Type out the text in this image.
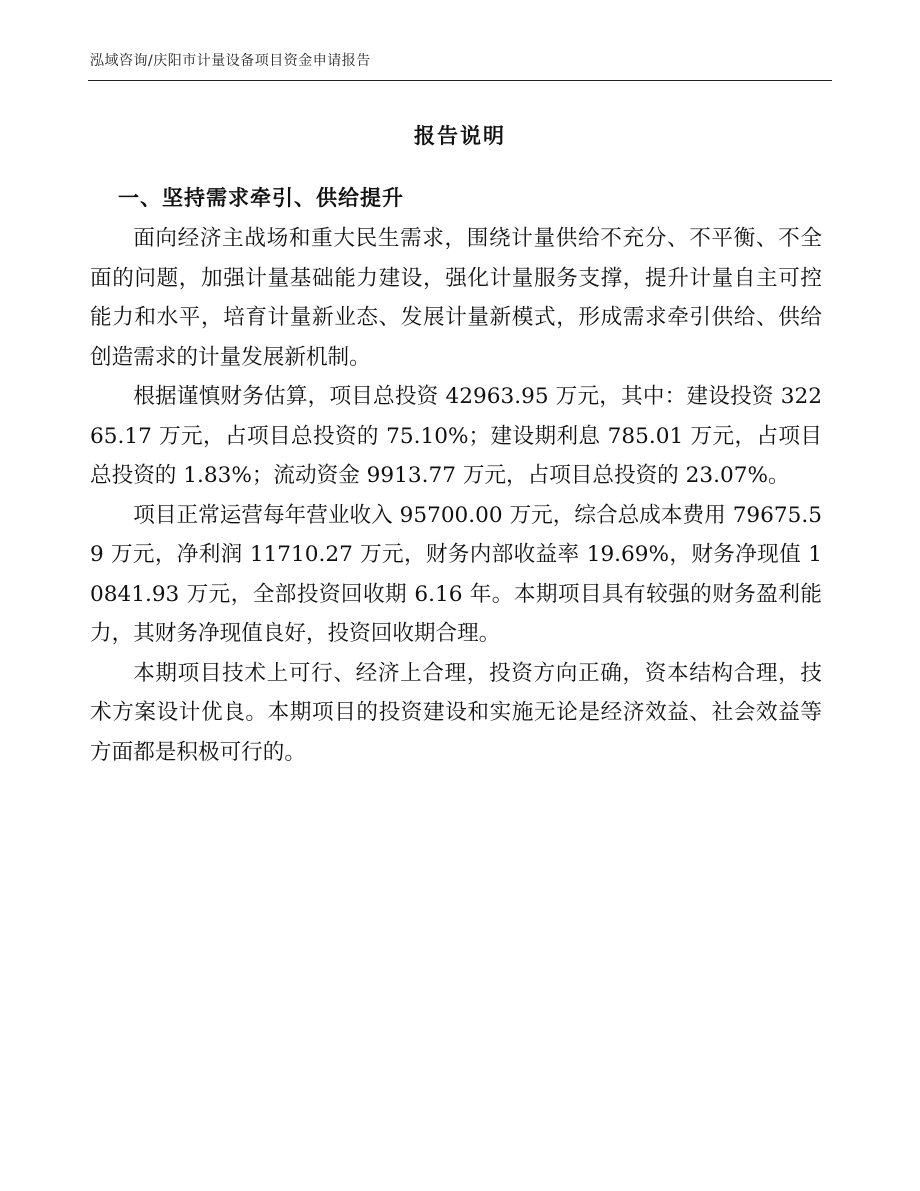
泓域咨询/庆阳市计量设备项目资金申请报告
报告说明
一、坚持需求牵引、供给提升

面向经济主战场和重大民生需求，围绕计量供给不充分、不平衡、不全面的问题，加强计量基础能力建设，强化计量服务支撑，提升计量自主可控能力和水平，培育计量新业态、发展计量新模式，形成需求牵引供给、供给创造需求的计量发展新机制。

根据谨慎财务估算，项目总投资 42963.95 万元，其中：建设投资 32265.17 万元，占项目总投资的 75.10%；建设期利息 785.01 万元，占项目总投资的 1.83%；流动资金 9913.77 万元，占项目总投资的 23.07%。

项目正常运营每年营业收入 95700.00 万元，综合总成本费用 79675.59 万元，净利润 11710.27 万元，财务内部收益率 19.69%，财务净现值 10841.93 万元，全部投资回收期 6.16 年。本期项目具有较强的财务盈利能力，其财务净现值良好，投资回收期合理。

本期项目技术上可行、经济上合理，投资方向正确，资本结构合理，技术方案设计优良。本期项目的投资建设和实施无论是经济效益、社会效益等方面都是积极可行的。
